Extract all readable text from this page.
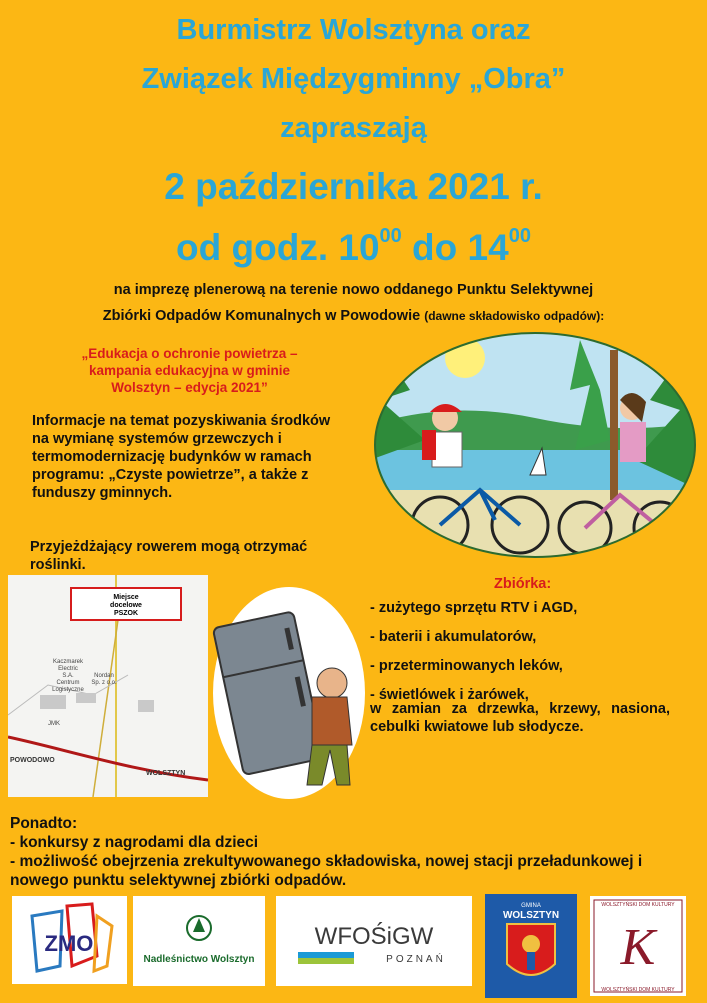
Burmistrz Wolsztyna oraz
Związek Międzygminny „Obra”
zapraszają
2 października 2021 r.
od godz. $10^{00}$ do $14^{00}$
na imprezę plenerową na terenie nowo oddanego Punktu Selektywnej
Zbiórki Odpadów Komunalnych w Powodowie (dawne składowisko odpadów):
„Edukacja o ochronie powietrza –
kampania edukacyjna w gminie
Wolsztyn – edycja 2021”
Informacje na temat pozyskiwania środków na wymianę systemów grzewczych i termomodernizację budynków w ramach programu: „Czyste powietrze”, a także z funduszy gminnych.
Przyjeżdżający rowerem mogą otrzymać roślinki.
Miejsce
docelowe
PSZOK
Kaczmarek
Electric
S.A.
Centrum
Logistyczne
Nordan
Sp. z o.o.
JMK
POWODOWO
WOLSZTYN
Zbiórka:
- zużytego sprzętu RTV i AGD,
- baterii i akumulatorów,
- przeterminowanych leków,
- świetlówek i żarówek,
w zamian za drzewka, krzewy, nasiona, cebulki kwiatowe lub słodycze.
Ponadto:
- konkursy z nagrodami dla dzieci
- możliwość obejrzenia zrekultywowanego składowiska, nowej stacji przeładunkowej i nowego punktu selektywnej zbiórki odpadów.
ZMO
Nadleśnictwo Wolsztyn
WFOŚiGW
POZNAŃ
GMINA
WOLSZTYN
K
WOLSZTYŃSKI DOM KULTURY
WOLSZTYŃSKI DOM KULTURY
